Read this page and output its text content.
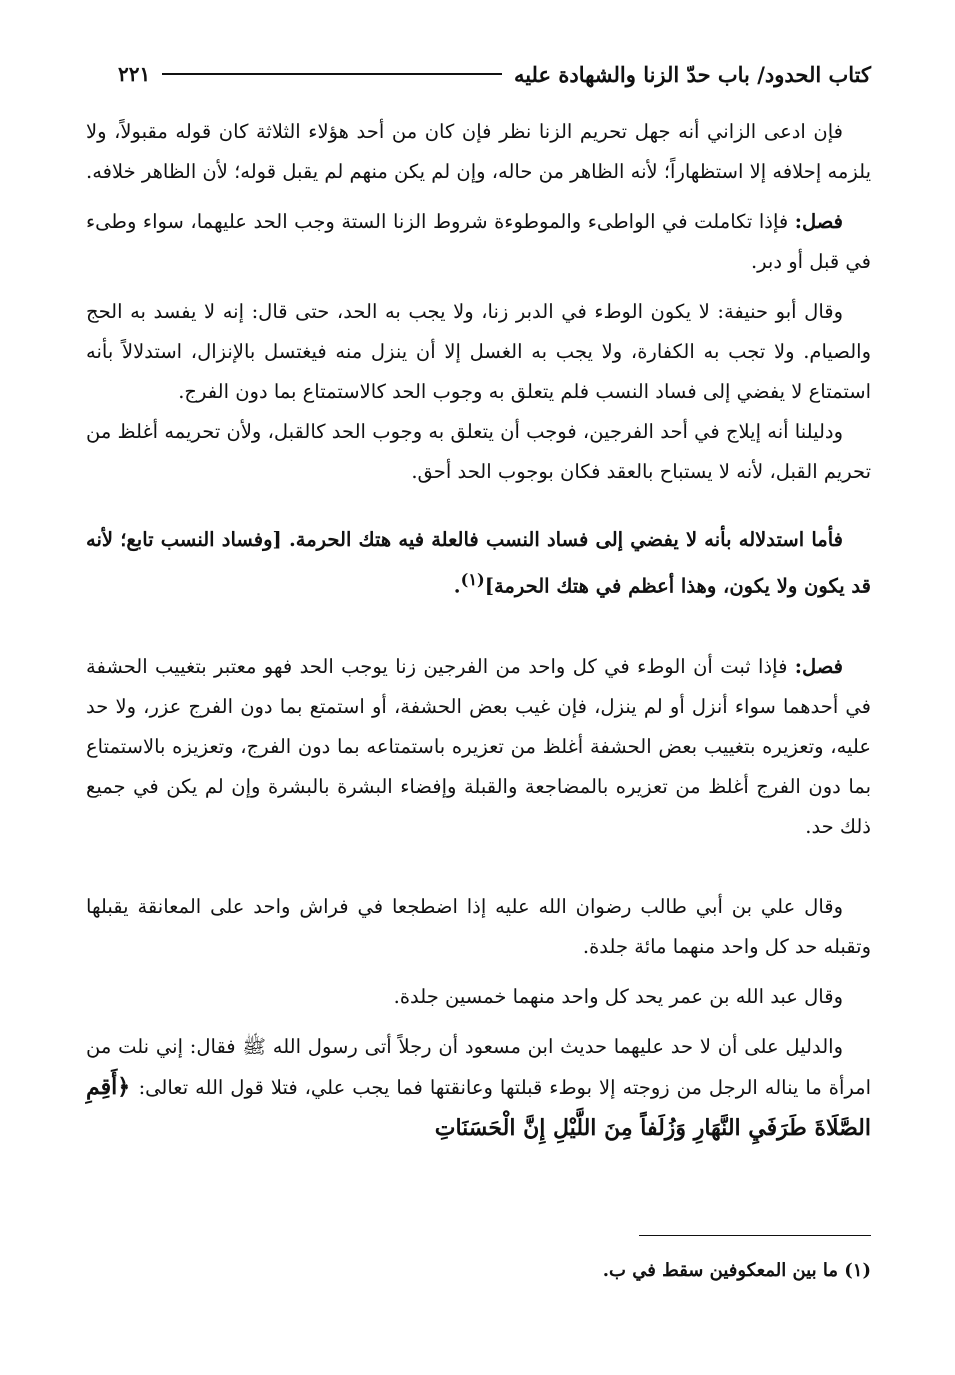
كتاب الحدود/ باب حدّ الزنا والشهادة عليه
٢٢١

فإن ادعى الزاني أنه جهل تحريم الزنا نظر فإن كان من أحد هؤلاء الثلاثة كان قوله مقبولاً، ولا يلزمه إحلافه إلا استظهاراً؛ لأنه الظاهر من حاله، وإن لم يكن منهم لم يقبل قوله؛ لأن الظاهر خلافه.

فصل: فإذا تكاملت في الواطىء والموطوءة شروط الزنا الستة وجب الحد عليهما، سواء وطىء في قبل أو دبر.

وقال أبو حنيفة: لا يكون الوطء في الدبر زنا، ولا يجب به الحد، حتى قال: إنه لا يفسد به الحج والصيام. ولا تجب به الكفارة، ولا يجب به الغسل إلا أن ينزل منه فيغتسل بالإنزال، استدلالاً بأنه استمتاع لا يفضي إلى فساد النسب فلم يتعلق به وجوب الحد كالاستمتاع بما دون الفرج.

ودليلنا أنه إيلاج في أحد الفرجين، فوجب أن يتعلق به وجوب الحد كالقبل، ولأن تحريمه أغلظ من تحريم القبل، لأنه لا يستباح بالعقد فكان بوجوب الحد أحق.

فأما استدلاله بأنه لا يفضي إلى فساد النسب فالعلة فيه هتك الحرمة. [وفساد النسب تابع؛ لأنه قد يكون ولا يكون، وهذا أعظم في هتك الحرمة]$^{(١)}$.

فصل: فإذا ثبت أن الوطء في كل واحد من الفرجين زنا يوجب الحد فهو معتبر بتغييب الحشفة في أحدهما سواء أنزل أو لم ينزل، فإن غيب بعض الحشفة، أو استمتع بما دون الفرج عزر، ولا حد عليه، وتعزيره بتغييب بعض الحشفة أغلظ من تعزيره باستمتاعه بما دون الفرج، وتعزيزه بالاستمتاع بما دون الفرج أغلظ من تعزيره بالمضاجعة والقبلة وإفضاء البشرة بالبشرة وإن لم يكن في جميع ذلك حد.

وقال علي بن أبي طالب رضوان الله عليه إذا اضطجعا في فراش واحد على المعانقة يقبلها وتقبله حد كل واحد منهما مائة جلدة.

وقال عبد الله بن عمر يحد كل واحد منهما خمسين جلدة.

والدليل على أن لا حد عليهما حديث ابن مسعود أن رجلاً أتى رسول الله ﷺ فقال: إني نلت من امرأة ما يناله الرجل من زوجته إلا بوطء قبلتها وعانقتها فما يجب علي، فتلا قول الله تعالى: ﴿أَقِمِ الصَّلَاةَ طَرَفَيِ النَّهَارِ وَزُلَفاً مِنَ اللَّيْلِ إِنَّ الْحَسَنَاتِ

(١) ما بين المعكوفين سقط في ب.
